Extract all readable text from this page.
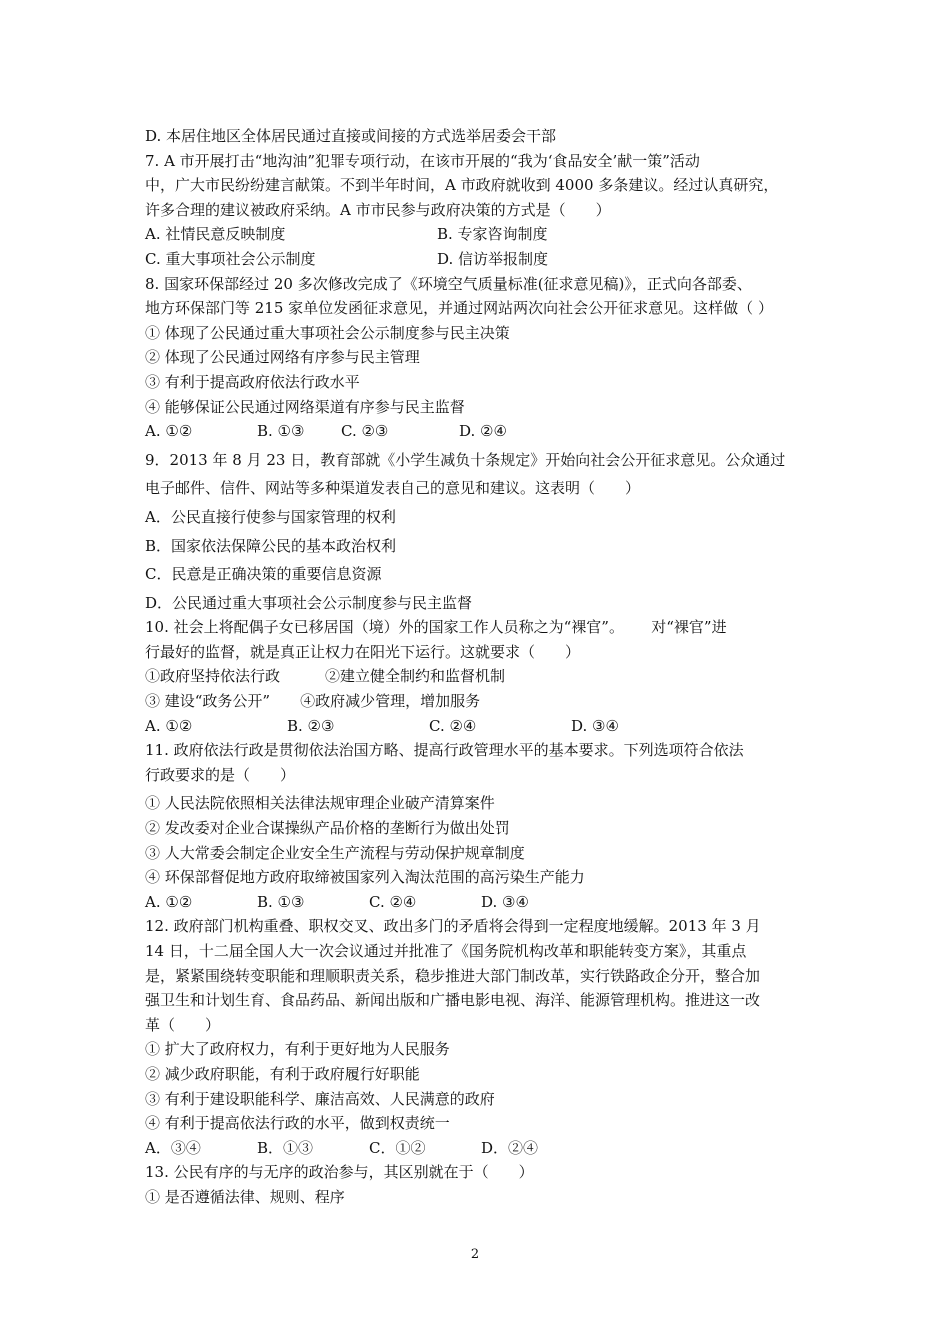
D. 本居住地区全体居民通过直接或间接的方式选举居委会干部
7. A 市开展打击“地沟油”犯罪专项行动，在该市开展的“我为‘食品安全’献一策”活动
中，广大市民纷纷建言献策。不到半年时间，A 市政府就收到 4000 多条建议。经过认真研究，
许多合理的建议被政府采纳。A 市市民参与政府决策的方式是（　　）
A. 社情民意反映制度	B. 专家咨询制度
C. 重大事项社会公示制度	D. 信访举报制度
8. 国家环保部经过 20 多次修改完成了《环境空气质量标准(征求意见稿)》，正式向各部委、
地方环保部门等 215 家单位发函征求意见，并通过网站两次向社会公开征求意见。这样做（ ）
① 体现了公民通过重大事项社会公示制度参与民主决策
② 体现了公民通过网络有序参与民主管理
③ 有利于提高政府依法行政水平
④ 能够保证公民通过网络渠道有序参与民主监督
A. ①②	B. ①③	C. ②③	D. ②④
9．2013 年 8 月 23 日，教育部就《小学生减负十条规定》开始向社会公开征求意见。公众通过
电子邮件、信件、网站等多种渠道发表自己的意见和建议。这表明（　　）
A．公民直接行使参与国家管理的权利
B．国家依法保障公民的基本政治权利
C．民意是正确决策的重要信息资源
D．公民通过重大事项社会公示制度参与民主监督
10. 社会上将配偶子女已移居国（境）外的国家工作人员称之为“裸官”。　　 对“裸官”进
行最好的监督，就是真正让权力在阳光下运行。这就要求（　　）
①政府坚持依法行政　　　②建立健全制约和监督机制
③ 建设“政务公开”　　④政府减少管理，增加服务
A. ①②	B. ②③	C. ②④	D. ③④
11. 政府依法行政是贯彻依法治国方略、提高行政管理水平的基本要求。下列选项符合依法
行政要求的是（　　）
① 人民法院依照相关法律法规审理企业破产清算案件
② 发改委对企业合谋操纵产品价格的垄断行为做出处罚
③ 人大常委会制定企业安全生产流程与劳动保护规章制度
④ 环保部督促地方政府取缔被国家列入淘汰范围的高污染生产能力
A. ①②	B. ①③	C. ②④	D. ③④
12. 政府部门机构重叠、职权交叉、政出多门的矛盾将会得到一定程度地缓解。2013 年 3 月
14 日，十二届全国人大一次会议通过并批准了《国务院机构改革和职能转变方案》，其重点
是，紧紧围绕转变职能和理顺职责关系，稳步推进大部门制改革，实行铁路政企分开，整合加
强卫生和计划生育、食品药品、新闻出版和广播电影电视、海洋、能源管理机构。推进这一改
革（　　）
① 扩大了政府权力，有利于更好地为人民服务
② 减少政府职能，有利于政府履行好职能
③ 有利于建设职能科学、廉洁高效、人民满意的政府
④ 有利于提高依法行政的水平，做到权责统一
A．③④	B．①③	C．①②	D．②④
13. 公民有序的与无序的政治参与，其区别就在于（　　）
① 是否遵循法律、规则、程序
2
